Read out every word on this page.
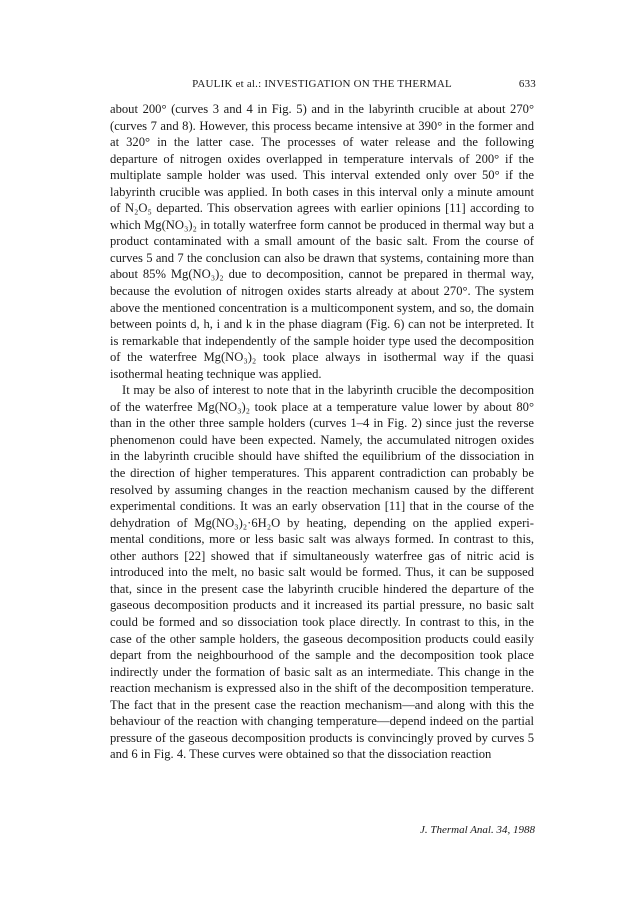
PAULIK et al.: INVESTIGATION ON THE THERMAL	633

about 200° (curves 3 and 4 in Fig. 5) and in the labyrinth crucible at about 270° (curves 7 and 8). However, this process became intensive at 390° in the former and at 320° in the latter case. The processes of water release and the following departure of nitrogen oxides overlapped in temperature intervals of 200° if the multiplate sample holder was used. This interval extended only over 50° if the labyrinth crucible was applied. In both cases in this interval only a minute amount of N₂O₅ departed. This observation agrees with earlier opinions [11] according to which Mg(NO₃)₂ in totally waterfree form cannot be produced in thermal way but a product contaminated with a small amount of the basic salt. From the course of curves 5 and 7 the conclusion can also be drawn that systems, containing more than about 85% Mg(NO₃)₂ due to decomposition, cannot be prepared in thermal way, because the evolution of nitrogen oxides starts already at about 270°. The system above the mentioned concentration is a multicomponent system, and so, the domain between points d, h, i and k in the phase diagram (Fig. 6) can not be interpreted. It is remarkable that independently of the sample hoider type used the decomposition of the waterfree Mg(NO₃)₂ took place always in isothermal way if the quasi isothermal heating technique was applied.

It may be also of interest to note that in the labyrinth crucible the decomposition of the waterfree Mg(NO₃)₂ took place at a temperature value lower by about 80° than in the other three sample holders (curves 1–4 in Fig. 2) since just the reverse phenomenon could have been expected. Namely, the accumulated nitrogen oxides in the labyrinth crucible should have shifted the equilibrium of the dissociation in the direction of higher temperatures. This apparent contradiction can probably be resolved by assuming changes in the reaction mechanism caused by the different experimental conditions. It was an early observation [11] that in the course of the dehydration of Mg(NO₃)₂·6H₂O by heating, depending on the applied experi-mental conditions, more or less basic salt was always formed. In contrast to this, other authors [22] showed that if simultaneously waterfree gas of nitric acid is introduced into the melt, no basic salt would be formed. Thus, it can be supposed that, since in the present case the labyrinth crucible hindered the departure of the gaseous decomposition products and it increased its partial pressure, no basic salt could be formed and so dissociation took place directly. In contrast to this, in the case of the other sample holders, the gaseous decomposition products could easily depart from the neighbourhood of the sample and the decomposition took place indirectly under the formation of basic salt as an intermediate. This change in the reaction mechanism is expressed also in the shift of the decomposition temperature. The fact that in the present case the reaction mechanism—and along with this the behaviour of the reaction with changing temperature—depend indeed on the partial pressure of the gaseous decomposition products is convincingly proved by curves 5 and 6 in Fig. 4. These curves were obtained so that the dissociation reaction

J. Thermal Anal. 34, 1988
